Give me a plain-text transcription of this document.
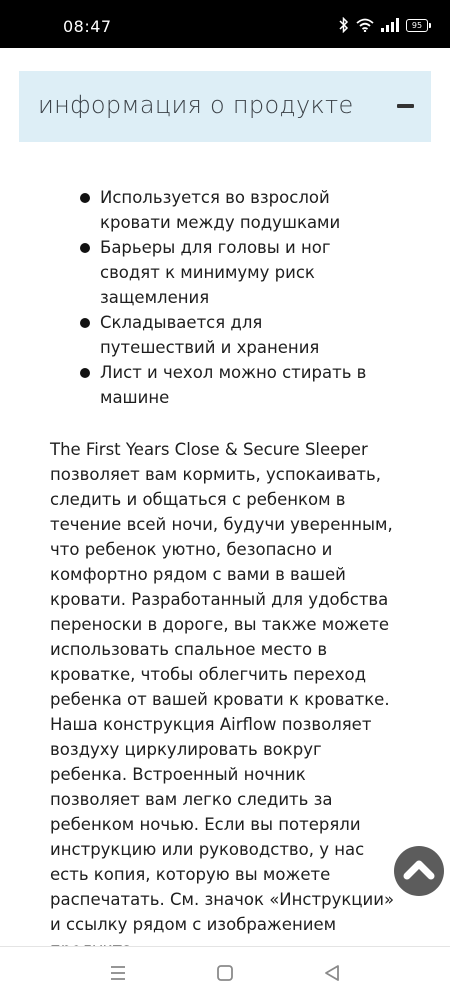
08:47	95
информация о продукте
Используется во взрослой кровати между подушками
Барьеры для головы и ног сводят к минимуму риск защемления
Складывается для путешествий и хранения
Лист и чехол можно стирать в машине

The First Years Close & Secure Sleeper позволяет вам кормить, успокаивать, следить и общаться с ребенком в течение всей ночи, будучи уверенным, что ребенок уютно, безопасно и комфортно рядом с вами в вашей кровати. Разработанный для удобства переноски в дороге, вы также можете использовать спальное место в кроватке, чтобы облегчить переход ребенка от вашей кровати к кроватке. Наша конструкция Airflow позволяет воздуху циркулировать вокруг ребенка. Встроенный ночник позволяет вам легко следить за ребенком ночью. Если вы потеряли инструкцию или руководство, у нас есть копия, которую вы можете распечатать. См. значок «Инструкции» и ссылку рядом с изображением
